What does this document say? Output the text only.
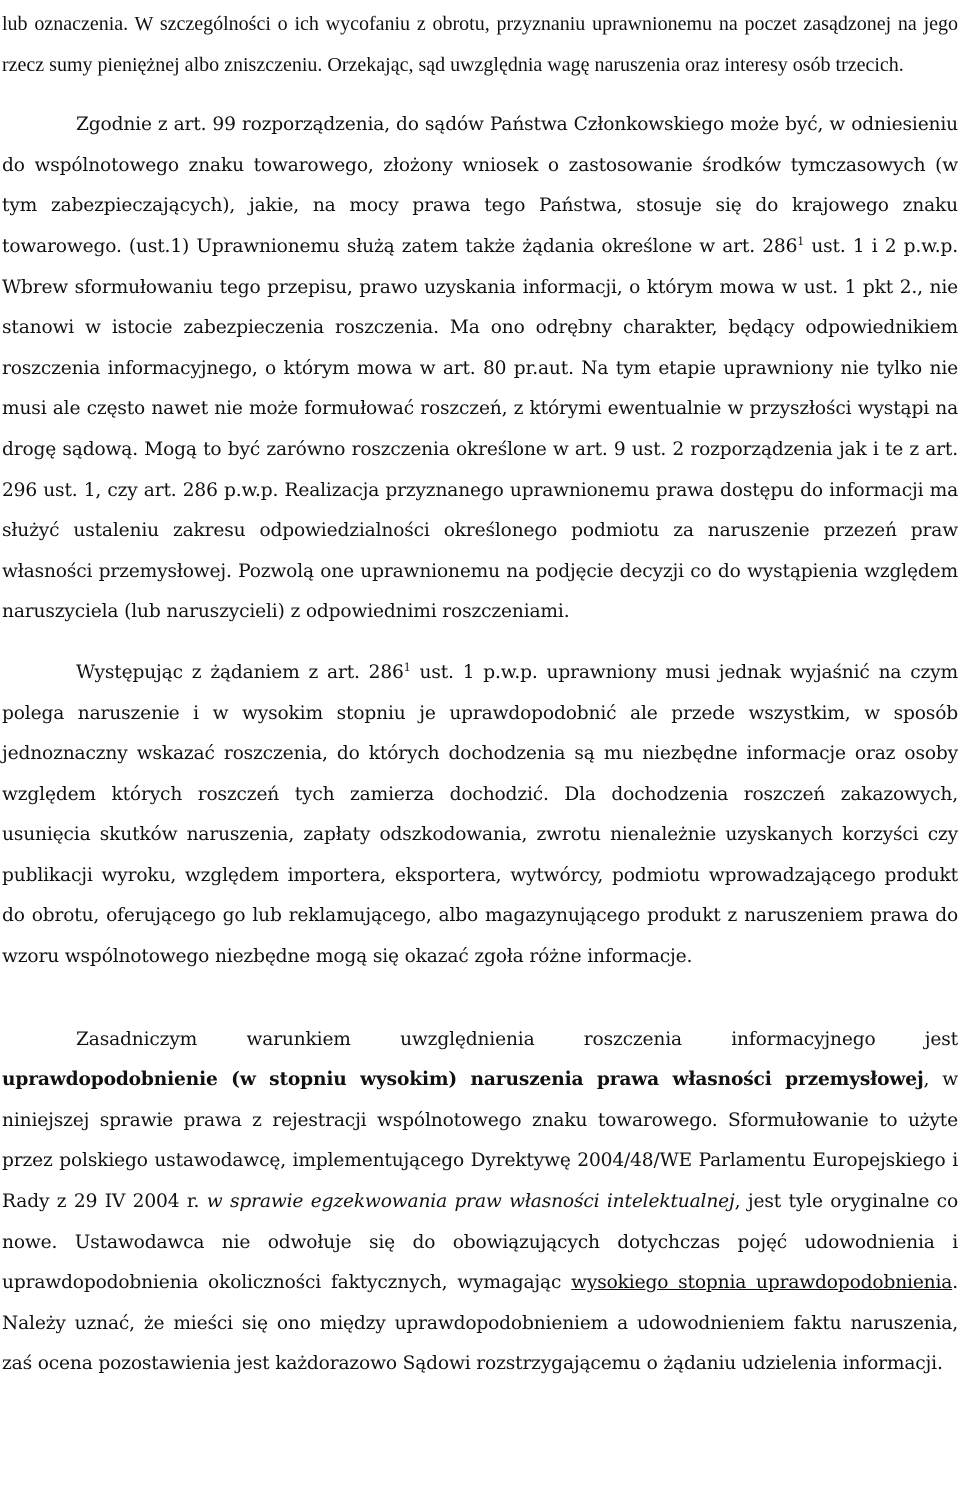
lub oznaczenia. W szczególności o ich wycofaniu z obrotu, przyznaniu uprawnionemu na poczet zasądzonej na jego rzecz sumy pieniężnej albo zniszczeniu. Orzekając, sąd uwzględnia wagę naruszenia oraz interesy osób trzecich.

Zgodnie z art. 99 rozporządzenia, do sądów Państwa Członkowskiego może być, w odniesieniu do wspólnotowego znaku towarowego, złożony wniosek o zastosowanie środków tymczasowych (w tym zabezpieczających), jakie, na mocy prawa tego Państwa, stosuje się do krajowego znaku towarowego. (ust.1) Uprawnionemu służą zatem także żądania określone w art. $286^1$ ust. 1 i 2 p.w.p. Wbrew sformułowaniu tego przepisu, prawo uzyskania informacji, o którym mowa w ust. 1 pkt 2., nie stanowi w istocie zabezpieczenia roszczenia. Ma ono odrębny charakter, będący odpowiednikiem roszczenia informacyjnego, o którym mowa w art. 80 pr.aut. Na tym etapie uprawniony nie tylko nie musi ale często nawet nie może formułować roszczeń, z którymi ewentualnie w przyszłości wystąpi na drogę sądową. Mogą to być zarówno roszczenia określone w art. 9 ust. 2 rozporządzenia jak i te z art. 296 ust. 1, czy art. 286 p.w.p. Realizacja przyznanego uprawnionemu prawa dostępu do informacji ma służyć ustaleniu zakresu odpowiedzialności określonego podmiotu za naruszenie przezeń praw własności przemysłowej. Pozwolą one uprawnionemu na podjęcie decyzji co do wystąpienia względem naruszyciela (lub naruszycieli) z odpowiednimi roszczeniami.

Występując z żądaniem z art. $286^1$ ust. 1 p.w.p. uprawniony musi jednak wyjaśnić na czym polega naruszenie i w wysokim stopniu je uprawdopodobnić ale przede wszystkim, w sposób jednoznaczny wskazać roszczenia, do których dochodzenia są mu niezbędne informacje oraz osoby względem których roszczeń tych zamierza dochodzić. Dla dochodzenia roszczeń zakazowych, usunięcia skutków naruszenia, zapłaty odszkodowania, zwrotu nienależnie uzyskanych korzyści czy publikacji wyroku, względem importera, eksportera, wytwórcy, podmiotu wprowadzającego produkt do obrotu, oferującego go lub reklamującego, albo magazynującego produkt z naruszeniem prawa do wzoru wspólnotowego niezbędne mogą się okazać zgoła różne informacje.

Zasadniczym warunkiem uwzględnienia roszczenia informacyjnego jest uprawdopodobnienie (w stopniu wysokim) naruszenia prawa własności przemysłowej, w niniejszej sprawie prawa z rejestracji wspólnotowego znaku towarowego. Sformułowanie to użyte przez polskiego ustawodawcę, implementującego Dyrektywę 2004/48/WE Parlamentu Europejskiego i Rady z 29 IV 2004 r. w sprawie egzekwowania praw własności intelektualnej, jest tyle oryginalne co nowe. Ustawodawca nie odwołuje się do obowiązujących dotychczas pojęć udowodnienia i uprawdopodobnienia okoliczności faktycznych, wymagając wysokiego stopnia uprawdopodobnienia. Należy uznać, że mieści się ono między uprawdopodobnieniem a udowodnieniem faktu naruszenia, zaś ocena pozostawienia jest każdorazowo Sądowi rozstrzygającemu o żądaniu udzielenia informacji.
